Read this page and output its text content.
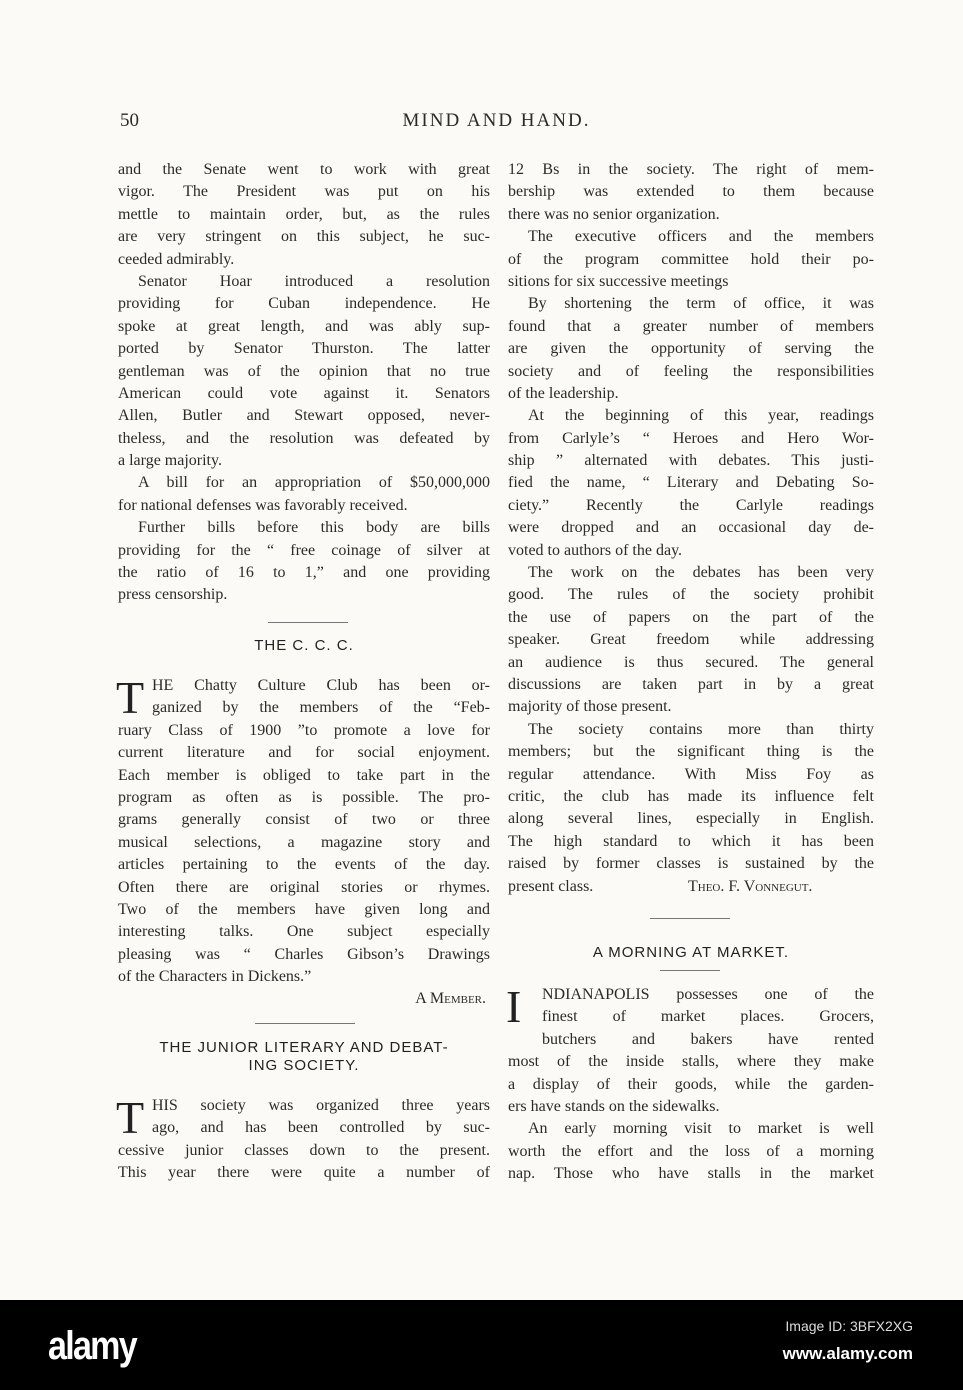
50	MIND AND HAND.
and the Senate went to work with great
vigor. The President was put on his
mettle to maintain order, but, as the rules
are very stringent on this subject, he suc-
ceeded admirably.
Senator Hoar introduced a resolution
providing for Cuban independence. He
spoke at great length, and was ably sup-
ported by Senator Thurston. The latter
gentleman was of the opinion that no true
American could vote against it. Senators
Allen, Butler and Stewart opposed, never-
theless, and the resolution was defeated by
a large majority.
A bill for an appropriation of $50,000,000
for national defenses was favorably received.
Further bills before this body are bills
providing for the “ free coinage of silver at
the ratio of 16 to 1,” and one providing
press censorship.
THE C. C. C.
T HE Chatty Culture Club has been or-
ganized by the members of the “Feb-
ruary Class of 1900 ”to promote a love for
current literature and for social enjoyment.
Each member is obliged to take part in the
program as often as is possible. The pro-
grams generally consist of two or three
musical selections, a magazine story and
articles pertaining to the events of the day.
Often there are original stories or rhymes.
Two of the members have given long and
interesting talks. One subject especially
pleasing was “ Charles Gibson’s Drawings
of the Characters in Dickens.”
A Member.
THE JUNIOR LITERARY AND DEBAT-
ING SOCIETY.
T HIS society was organized three years
ago, and has been controlled by suc-
cessive junior classes down to the present.
This year there were quite a number of
12 Bs in the society. The right of mem-
bership was extended to them because
there was no senior organization.
The executive officers and the members
of the program committee hold their po-
sitions for six successive meetings
By shortening the term of office, it was
found that a greater number of members
are given the opportunity of serving the
society and of feeling the responsibilities
of the leadership.
At the beginning of this year, readings
from Carlyle’s “ Heroes and Hero Wor-
ship ” alternated with debates. This justi-
fied the name, “ Literary and Debating So-
ciety.” Recently the Carlyle readings
were dropped and an occasional day de-
voted to authors of the day.
The work on the debates has been very
good. The rules of the society prohibit
the use of papers on the part of the
speaker. Great freedom while addressing
an audience is thus secured. The general
discussions are taken part in by a great
majority of those present.
The society contains more than thirty
members; but the significant thing is the
regular attendance. With Miss Foy as
critic, the club has made its influence felt
along several lines, especially in English.
The high standard to which it has been
raised by former classes is sustained by the
present class.	Theo. F. Vonnegut.
A MORNING AT MARKET.
I	NDIANAPOLIS possesses one of the
finest of market places. Grocers,
butchers and bakers have rented
most of the inside stalls, where they make
a display of their goods, while the garden-
ers have stands on the sidewalks.
An early morning visit to market is well
worth the effort and the loss of a morning
nap. Those who have stalls in the market
alamy	Image ID: 3BFX2XG
www.alamy.com
